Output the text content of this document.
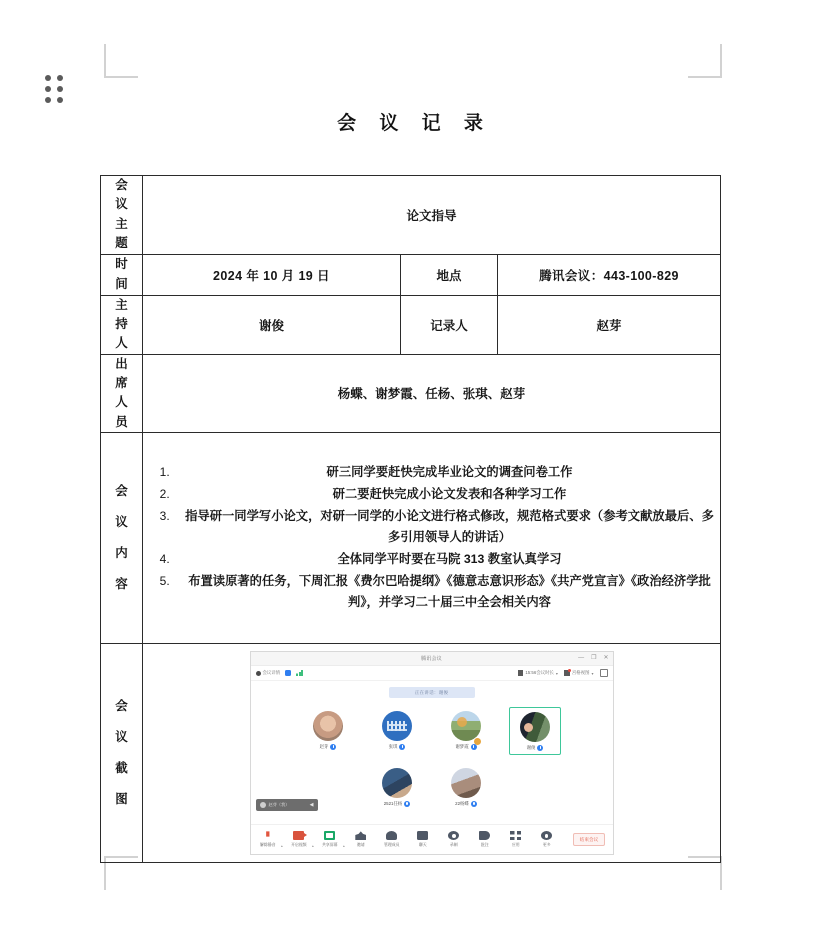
会 议 记 录
会
议
主
题	论文指导		

时
间	2024 年 10 月 19 日	地点	腾讯会议：443-100-829

主
持
人	谢俊	记录人	赵芽

出
席
人
员	杨蝶、谢梦霞、任杨、张琪、赵芽		

会
议
内
容

1. 研三同学要赶快完成毕业论文的调查问卷工作
2. 研二要赶快完成小论文发表和各种学习工作
3. 指导研一同学写小论文，对研一同学的小论文进行格式修改，规范格式要求（参考文献放最后、多多引用领导人的讲话）
4. 全体同学平时要在马院 313 教室认真学习
5. 布置读原著的任务，下周汇报《费尔巴哈提纲》《德意志意识形态》《共产党宣言》《政治经济学批判》，并学习二十届三中全会相关内容

会
议
截
图

腾讯会议	— ❐ ✕
会议详情	15:56会议时长 ▾	宫格视图 ▾
正在讲话：谢俊
赵芽	张琪	谢梦霞	谢俊
2521任杨	22杨蝶
赵芽（我）	◀
解除静音 ▴ 开启视频 ▴ 共享屏幕 ▴	邀请	管理成员	聊天	录制	批注	应用	更多
结束会议
